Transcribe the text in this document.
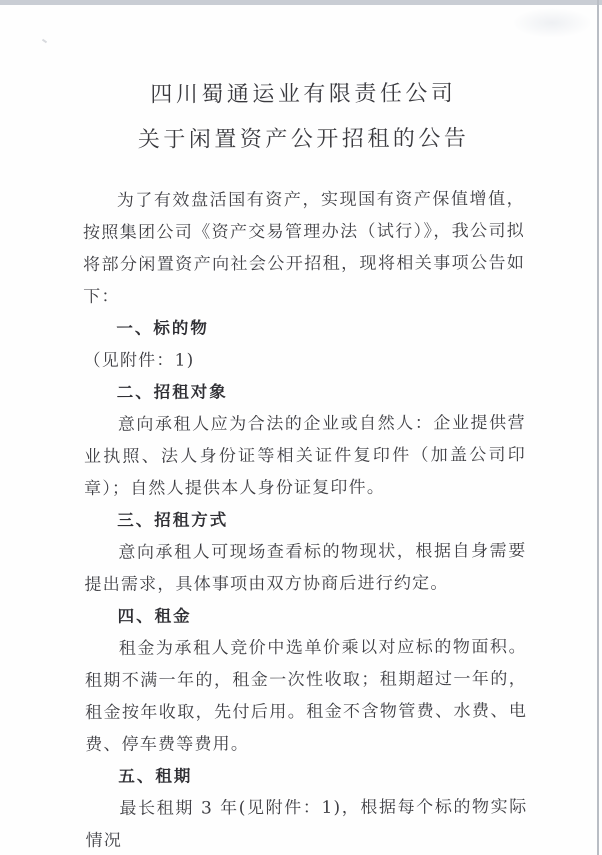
四川蜀通运业有限责任公司
关于闲置资产公开招租的公告

为了有效盘活国有资产，实现国有资产保值增值，按照集团公司《资产交易管理办法（试行）》，我公司拟将部分闲置资产向社会公开招租，现将相关事项公告如下：

一、标的物

（见附件：1)

二、招租对象

意向承租人应为合法的企业或自然人：企业提供营业执照、法人身份证等相关证件复印件（加盖公司印章）；自然人提供本人身份证复印件。

三、招租方式

意向承租人可现场查看标的物现状，根据自身需要提出需求，具体事项由双方协商后进行约定。

四、租金

租金为承租人竞价中选单价乘以对应标的物面积。租期不满一年的，租金一次性收取；租期超过一年的，租金按年收取，先付后用。租金不含物管费、水费、电费、停车费等费用。

五、租期

最长租期 3 年(见附件：1)，根据每个标的物实际情况
